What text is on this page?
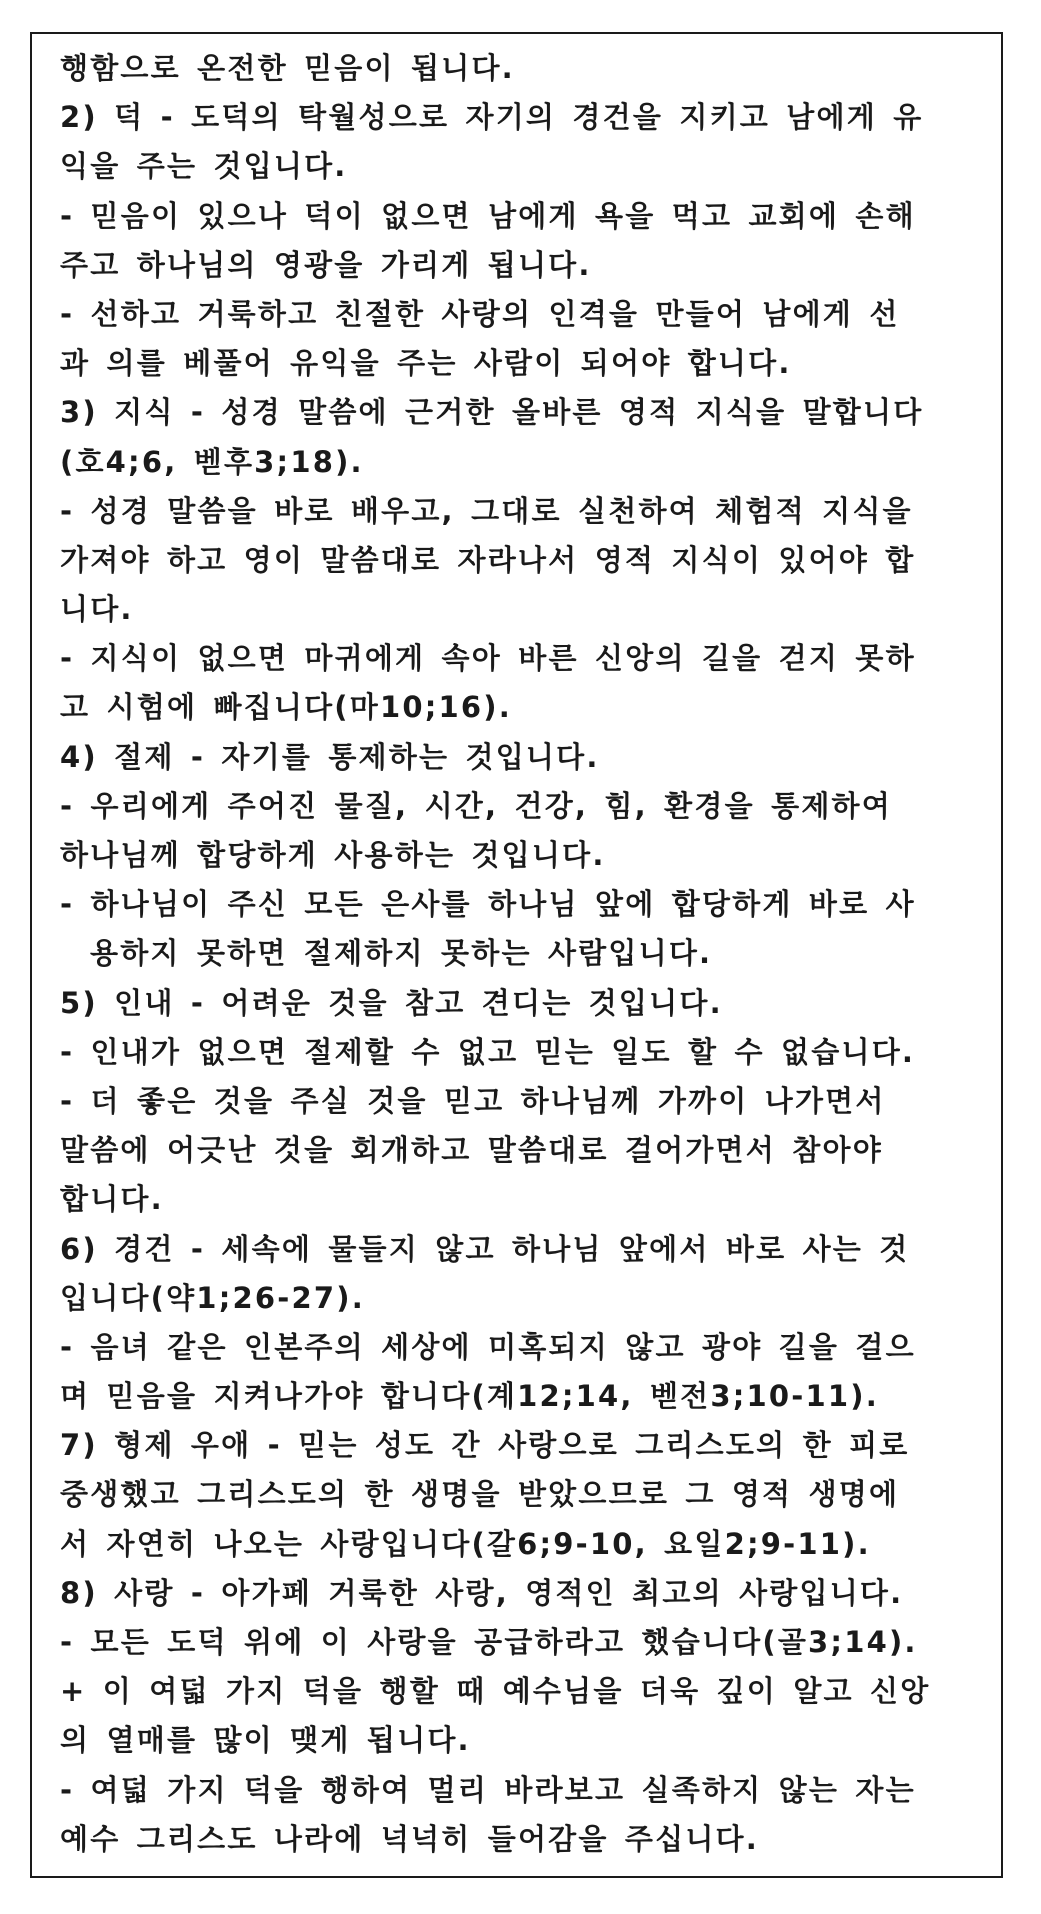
행함으로 온전한 믿음이 됩니다.
2) 덕 - 도덕의 탁월성으로 자기의 경건을 지키고 남에게 유
익을 주는 것입니다.
- 믿음이 있으나 덕이 없으면 남에게 욕을 먹고 교회에 손해
주고 하나님의 영광을 가리게 됩니다.
- 선하고 거룩하고 친절한 사랑의 인격을 만들어 남에게 선
과 의를 베풀어 유익을 주는 사람이 되어야 합니다.
3) 지식 - 성경 말씀에 근거한 올바른 영적 지식을 말합니다
(호4;6, 벧후3;18).
- 성경 말씀을 바로 배우고, 그대로 실천하여 체험적 지식을
가져야 하고 영이 말씀대로 자라나서 영적 지식이 있어야 합
니다.
- 지식이 없으면 마귀에게 속아 바른 신앙의 길을 걷지 못하
고 시험에 빠집니다(마10;16).
4) 절제 - 자기를 통제하는 것입니다.
- 우리에게 주어진 물질, 시간, 건강, 힘, 환경을 통제하여
하나님께 합당하게 사용하는 것입니다.
- 하나님이 주신 모든 은사를 하나님 앞에 합당하게 바로 사
용하지 못하면 절제하지 못하는 사람입니다.
5) 인내 - 어려운 것을 참고 견디는 것입니다.
- 인내가 없으면 절제할 수 없고 믿는 일도 할 수 없습니다.
- 더 좋은 것을 주실 것을 믿고 하나님께 가까이 나가면서
말씀에 어긋난 것을 회개하고 말씀대로 걸어가면서 참아야
합니다.
6) 경건 - 세속에 물들지 않고 하나님 앞에서 바로 사는 것
입니다(약1;26-27).
- 음녀 같은 인본주의 세상에 미혹되지 않고 광야 길을 걸으
며 믿음을 지켜나가야 합니다(계12;14, 벧전3;10-11).
7) 형제 우애 - 믿는 성도 간 사랑으로 그리스도의 한 피로
중생했고 그리스도의 한 생명을 받았으므로 그 영적 생명에
서 자연히 나오는 사랑입니다(갈6;9-10, 요일2;9-11).
8) 사랑 - 아가페 거룩한 사랑, 영적인 최고의 사랑입니다.
- 모든 도덕 위에 이 사랑을 공급하라고 했습니다(골3;14).
+ 이 여덟 가지 덕을 행할 때 예수님을 더욱 깊이 알고 신앙
의 열매를 많이 맺게 됩니다.
- 여덟 가지 덕을 행하여 멀리 바라보고 실족하지 않는 자는
예수 그리스도 나라에 넉넉히 들어감을 주십니다.
